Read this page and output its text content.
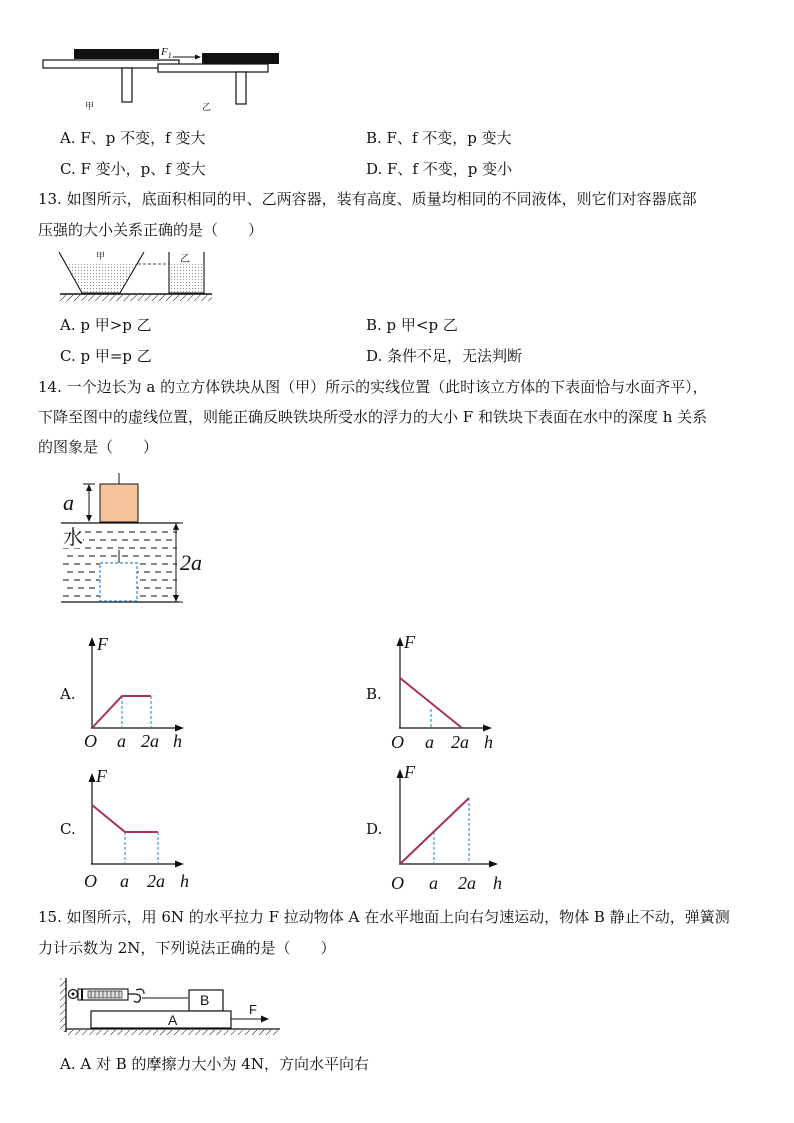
甲
$F_1$
乙
A. F、p 不变，f 变大	B. F、f 不变，p 变大
C. F 变小，p、f 变大	D. F、f 不变，p 变小
13. 如图所示，底面积相同的甲、乙两容器，装有高度、质量均相同的不同液体，则它们对容器底部
压强的大小关系正确的是（　　）
甲	乙
A. p 甲>p 乙	B. p 甲<p 乙
C. p 甲=p 乙	D. 条件不足，无法判断
14. 一个边长为 a 的立方体铁块从图（甲）所示的实线位置（此时该立方体的下表面恰与水面齐平），
下降至图中的虚线位置，则能正确反映铁块所受水的浮力的大小 F 和铁块下表面在水中的深度 h 关系
的图象是（　　）
a
水
2a
A.
F
O a 2a h
B.
F
O a 2a h
C.
F
O a 2a h
D.
F
O a 2a h
15. 如图所示，用 6N 的水平拉力 F 拉动物体 A 在水平地面上向右匀速运动，物体 B 静止不动，弹簧测
力计示数为 2N，下列说法正确的是（　　）
B
A
F
A. A 对 B 的摩擦力大小为 4N，方向水平向右
